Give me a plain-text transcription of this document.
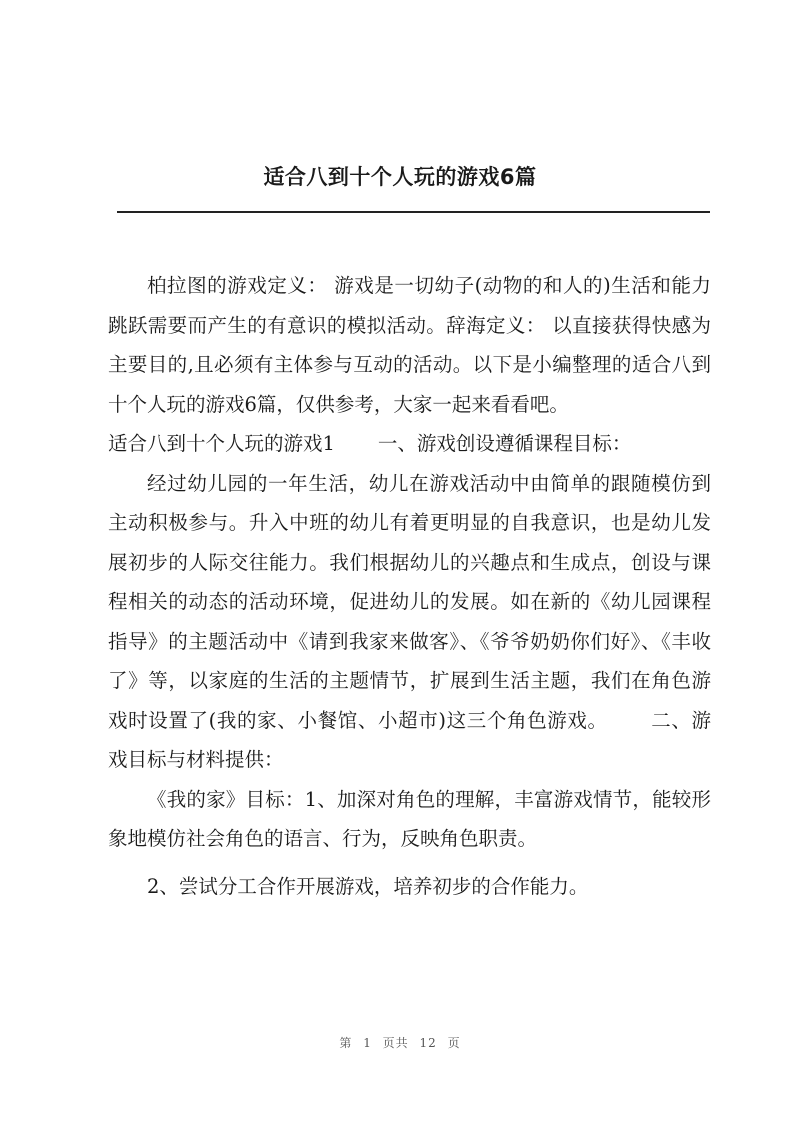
适合八到十个人玩的游戏6篇

柏拉图的游戏定义： 游戏是一切幼子(动物的和人的)生活和能力跳跃需要而产生的有意识的模拟活动。辞海定义： 以直接获得快感为主要目的,且必须有主体参与互动的活动。以下是小编整理的适合八到十个人玩的游戏6篇，仅供参考，大家一起来看看吧。

适合八到十个人玩的游戏1 一、游戏创设遵循课程目标：

经过幼儿园的一年生活，幼儿在游戏活动中由简单的跟随模仿到主动积极参与。升入中班的幼儿有着更明显的自我意识，也是幼儿发展初步的人际交往能力。我们根据幼儿的兴趣点和生成点，创设与课程相关的动态的活动环境，促进幼儿的发展。如在新的《幼儿园课程指导》的主题活动中《请到我家来做客》、《爷爷奶奶你们好》、《丰收了》等，以家庭的生活的主题情节，扩展到生活主题，我们在角色游戏时设置了(我的家、小餐馆、小超市)这三个角色游戏。 二、游戏目标与材料提供：

《我的家》目标：1、加深对角色的理解，丰富游戏情节，能较形象地模仿社会角色的语言、行为，反映角色职责。

2、尝试分工合作开展游戏，培养初步的合作能力。

第 1 页共 12 页
